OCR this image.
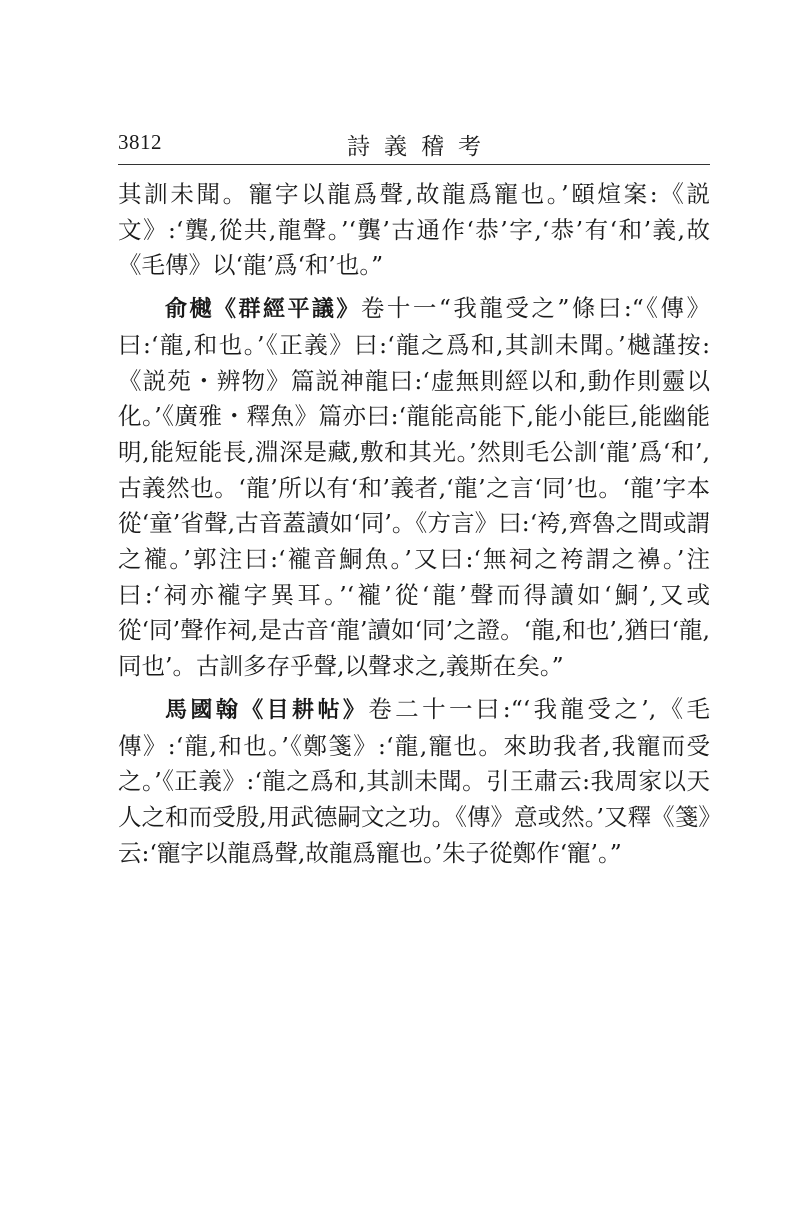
3812	詩義稽考

其訓未聞。寵字以龍爲聲,故龍爲寵也。’頤煊案:《説文》:‘龔,從共,龍聲。’‘龔’古通作‘恭’字,‘恭’有‘和’義,故《毛傳》以‘龍’爲‘和’也。”

俞樾《群經平議》卷十一“我龍受之”條曰:“《傳》曰:‘龍,和也。’《正義》曰:‘龍之爲和,其訓未聞。’樾謹按:《説苑・辨物》篇説神龍曰:‘虚無則經以和,動作則靈以化。’《廣雅・釋魚》篇亦曰:‘龍能高能下,能小能巨,能幽能明,能短能長,淵深是藏,敷和其光。’然則毛公訓‘龍’爲‘和’,古義然也。‘龍’所以有‘和’義者,‘龍’之言‘同’也。‘龍’字本從‘童’省聲,古音蓋讀如‘同’。《方言》曰:‘袴,齊魯之間或謂之襱。’郭注曰:‘襱音鮦魚。’又曰:‘無祠之袴謂之襣。’注曰:‘祠亦襱字異耳。’‘襱’從‘龍’聲而得讀如‘鮦’,又或從‘同’聲作祠,是古音‘龍’讀如‘同’之證。‘龍,和也’,猶曰‘龍,同也’。古訓多存乎聲,以聲求之,義斯在矣。”

馬國翰《目耕帖》卷二十一曰:“‘我龍受之’,《毛傳》:‘龍,和也。’《鄭箋》:‘龍,寵也。來助我者,我寵而受之。’《正義》:‘龍之爲和,其訓未聞。引王肅云:我周家以天人之和而受殷,用武德嗣文之功。《傳》意或然。’又釋《箋》云:‘寵字以龍爲聲,故龍爲寵也。’朱子從鄭作‘寵’。”
